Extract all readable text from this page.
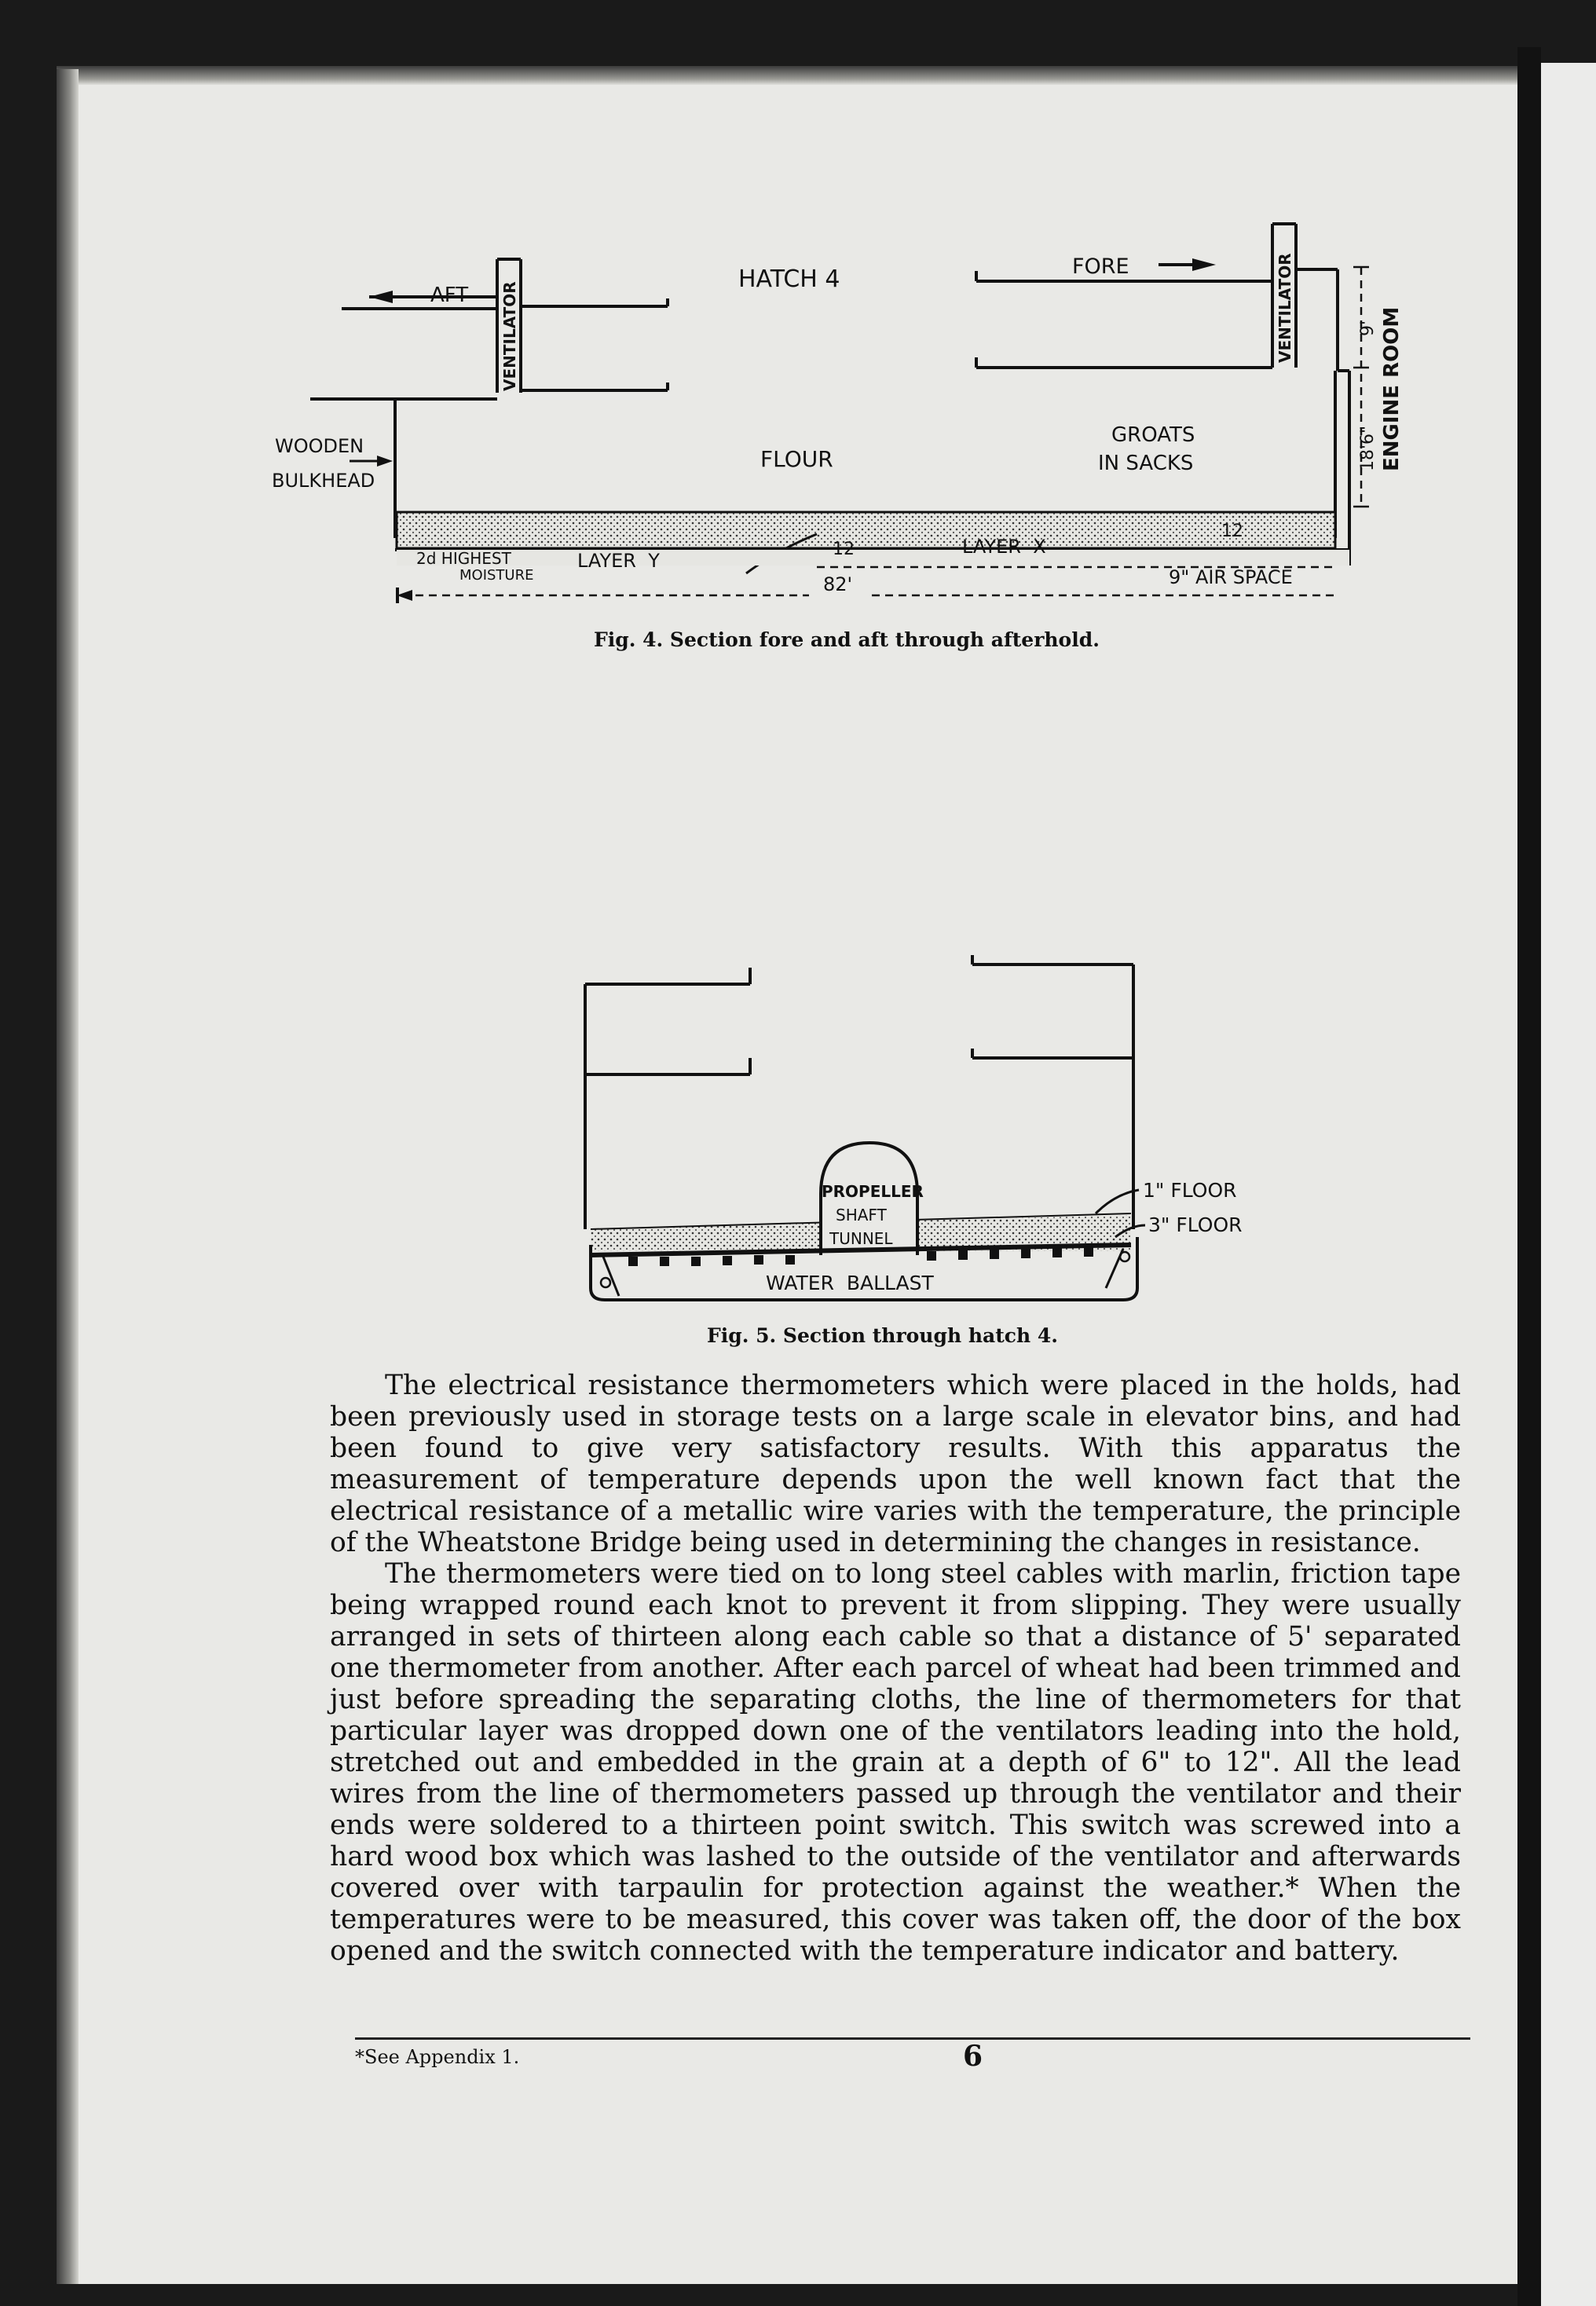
AFT
HATCH 4	FORE
VENTILATOR	VENTILATOR
WOODEN
BULKHEAD
FLOUR
GROATS
IN SACKS	ENGINE ROOM
18'6"
9'
2d HIGHEST
MOISTURE
LAYER  Y
12	LAYER  X
12
82'	9" AIR SPACE
PROPELLER
SHAFT
TUNNEL
1" FLOOR
3" FLOOR
WATER  BALLAST
Fig. 4. Section fore and aft through afterhold.
Fig. 5. Section through hatch 4.

The electrical resistance thermometers which were placed in the holds, had been previously used in storage tests on a large scale in elevator bins, and had been found to give very satisfactory results. With this apparatus the measurement of temperature depends upon the well known fact that the electrical resistance of a metallic wire varies with the temperature, the principle of the Wheatstone Bridge being used in determining the changes in resistance.

The thermometers were tied on to long steel cables with marlin, friction tape being wrapped round each knot to prevent it from slipping. They were usually arranged in sets of thirteen along each cable so that a distance of 5' separated one thermometer from another. After each parcel of wheat had been trimmed and just before spreading the separating cloths, the line of thermometers for that particular layer was dropped down one of the ventilators leading into the hold, stretched out and embedded in the grain at a depth of 6" to 12". All the lead wires from the line of thermometers passed up through the ventilator and their ends were soldered to a thirteen point switch. This switch was screwed into a hard wood box which was lashed to the outside of the ventilator and afterwards covered over with tarpaulin for protection against the weather.* When the temperatures were to be measured, this cover was taken off, the door of the box opened and the switch connected with the temperature indicator and battery.

*See Appendix 1.	6
